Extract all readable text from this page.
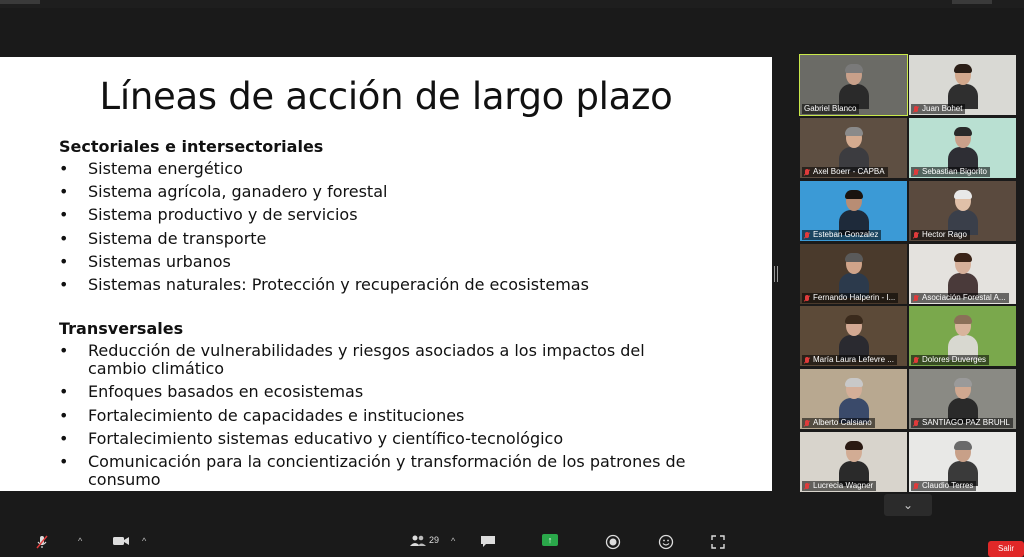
Líneas de acción de largo plazo
Sectoriales e intersectoriales
• Sistema energético
• Sistema agrícola, ganadero y forestal
• Sistema productivo y de servicios
• Sistema de transporte
• Sistemas urbanos
• Sistemas naturales: Protección y recuperación de ecosistemas
Transversales
• Reducción de vulnerabilidades y riesgos asociados a los impactos del cambio climático
• Enfoques basados en ecosistemas
• Fortalecimiento de capacidades e instituciones
• Fortalecimiento sistemas educativo y científico-tecnológico
• Comunicación para la concientización y transformación de los patrones de consumo
Gabriel Blanco	Juan Bohet
Axel Boerr - CAPBA	Sebastian Bigorito
Esteban Gonzalez	Hector Rago
Fernando Halperin - I...	Asociación Forestal A...
María Laura Lefevre ...	Dolores Duverges
Alberto Calsiano	SANTIAGO PAZ BRUHL
Lucrecia Wagner	Claudio Terres
⌄
^	^	29 ^	↑
Salir
